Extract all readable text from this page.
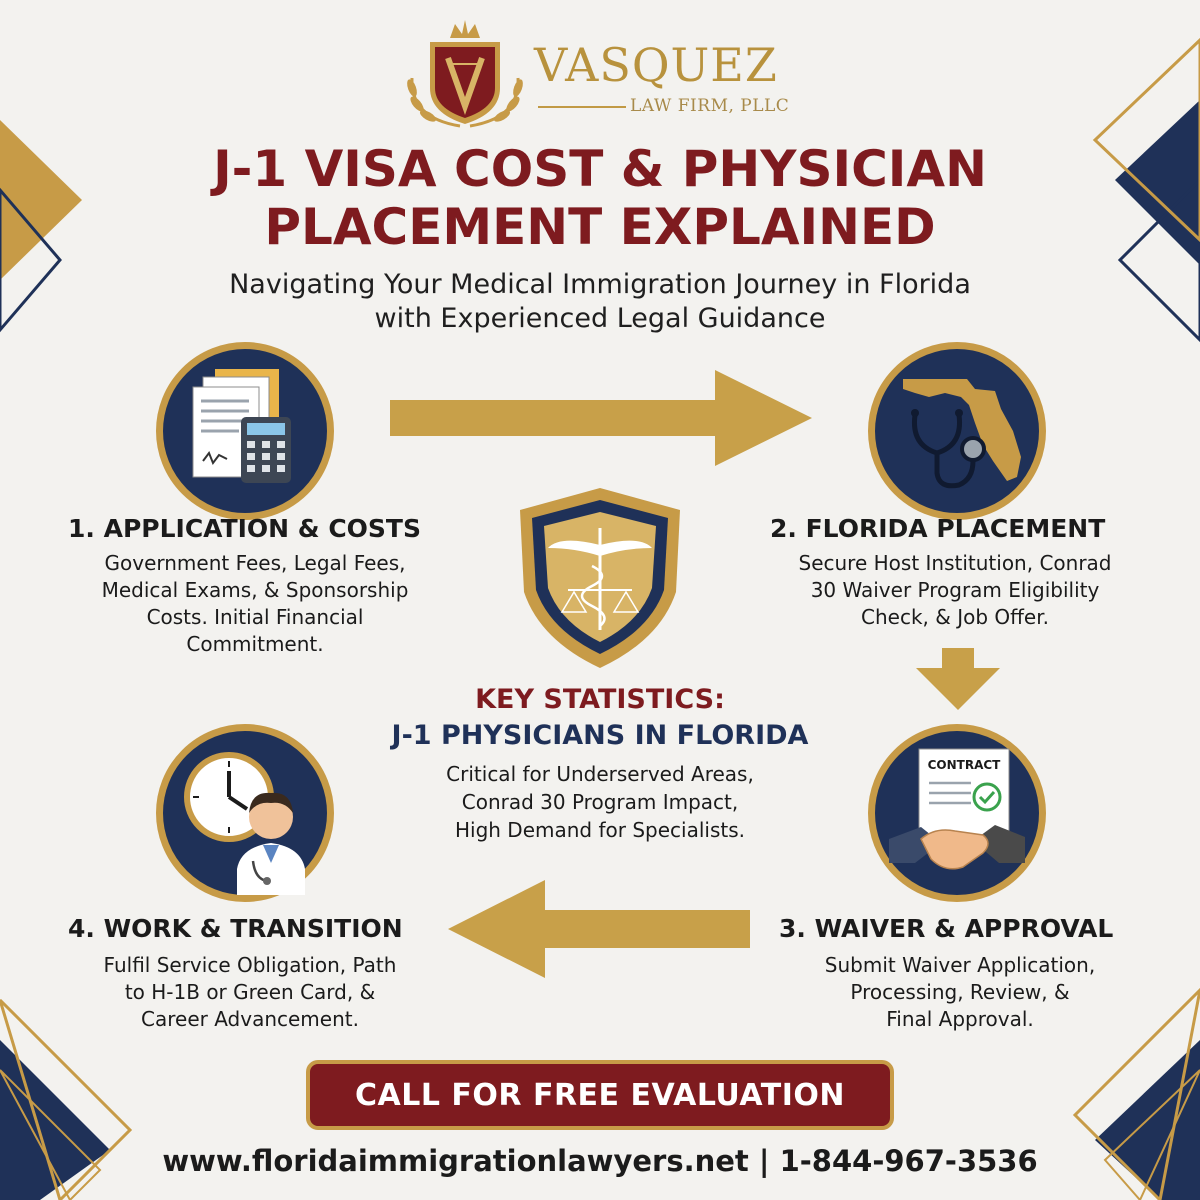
VASQUEZ
LAW FIRM, PLLC
J-1 VISA COST & PHYSICIAN
PLACEMENT EXPLAINED
Navigating Your Medical Immigration Journey in Florida
with Experienced Legal Guidance
1. APPLICATION & COSTS
Government Fees, Legal Fees,
Medical Exams, & Sponsorship
Costs. Initial Financial
Commitment.
2. FLORIDA PLACEMENT
Secure Host Institution, Conrad
30 Waiver Program Eligibility
Check, & Job Offer.
KEY STATISTICS:
J-1 PHYSICIANS IN FLORIDA
Critical for Underserved Areas,
Conrad 30 Program Impact,
High Demand for Specialists.
4. WORK & TRANSITION
Fulfil Service Obligation, Path
to H-1B or Green Card, &
Career Advancement.
CONTRACT
3. WAIVER & APPROVAL
Submit Waiver Application,
Processing, Review, &
Final Approval.
CALL FOR FREE EVALUATION
www.floridaimmigrationlawyers.net | 1-844-967-3536
